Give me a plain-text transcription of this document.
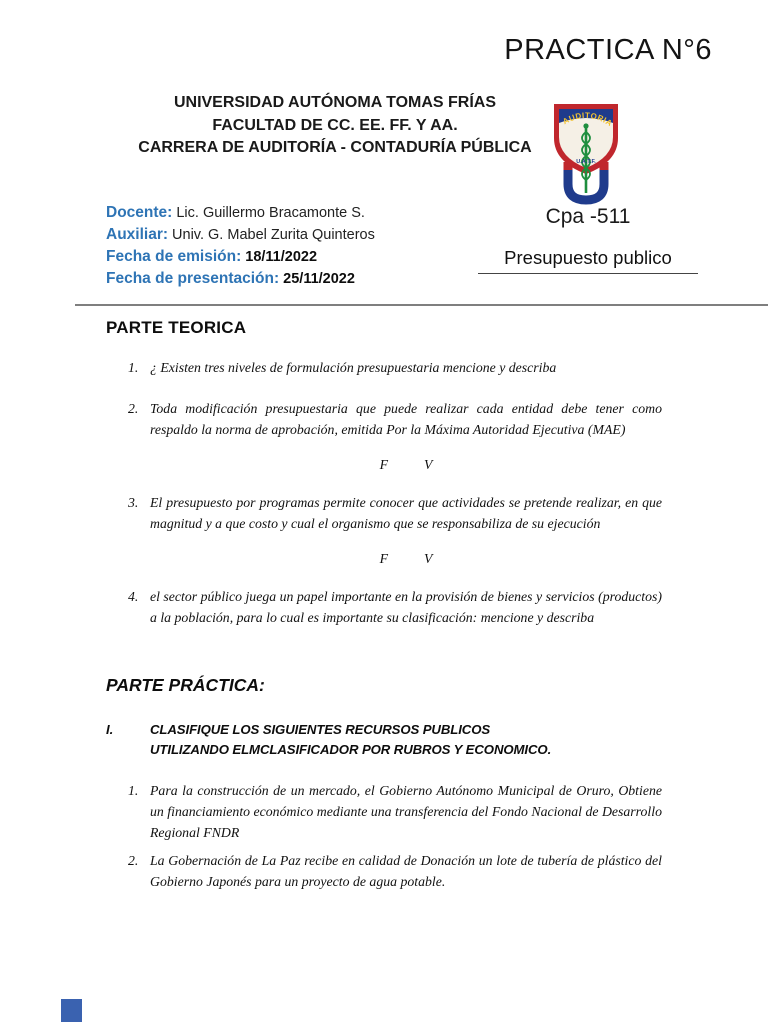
PRACTICA N°6
UNIVERSIDAD AUTÓNOMA TOMAS FRÍAS
FACULTAD DE CC. EE. FF. Y AA.
CARRERA DE AUDITORÍA - CONTADURÍA PÚBLICA
AUDITORIA
U.A.T.F.
Cpa -511
Presupuesto publico
Docente: Lic. Guillermo Bracamonte S.
Auxiliar: Univ. G. Mabel Zurita Quinteros
Fecha de emisión: 18/11/2022
Fecha de presentación: 25/11/2022
PARTE TEORICA
1. ¿ Existen tres niveles de formulación presupuestaria mencione y describa
2. Toda modificación presupuestaria que puede realizar cada entidad debe tener como respaldo la norma de aprobación, emitida Por la Máxima Autoridad Ejecutiva (MAE)
F	V
3. El presupuesto por programas permite conocer que actividades se pretende realizar, en que magnitud y a que costo y cual el organismo que se responsabiliza de su ejecución
F	V
4. el sector público juega un papel importante en la provisión de bienes y servicios (productos) a la población, para lo cual es importante su clasificación: mencione y describa
PARTE PRÁCTICA:
I.	CLASIFIQUE LOS SIGUIENTES RECURSOS PUBLICOS UTILIZANDO ELMCLASIFICADOR POR RUBROS Y ECONOMICO.
1. Para la construcción de un mercado, el Gobierno Autónomo Municipal de Oruro, Obtiene un financiamiento económico mediante una transferencia del Fondo Nacional de Desarrollo Regional FNDR
2. La Gobernación de La Paz recibe en calidad de Donación un lote de tubería de plástico del Gobierno Japonés para un proyecto de agua potable.
